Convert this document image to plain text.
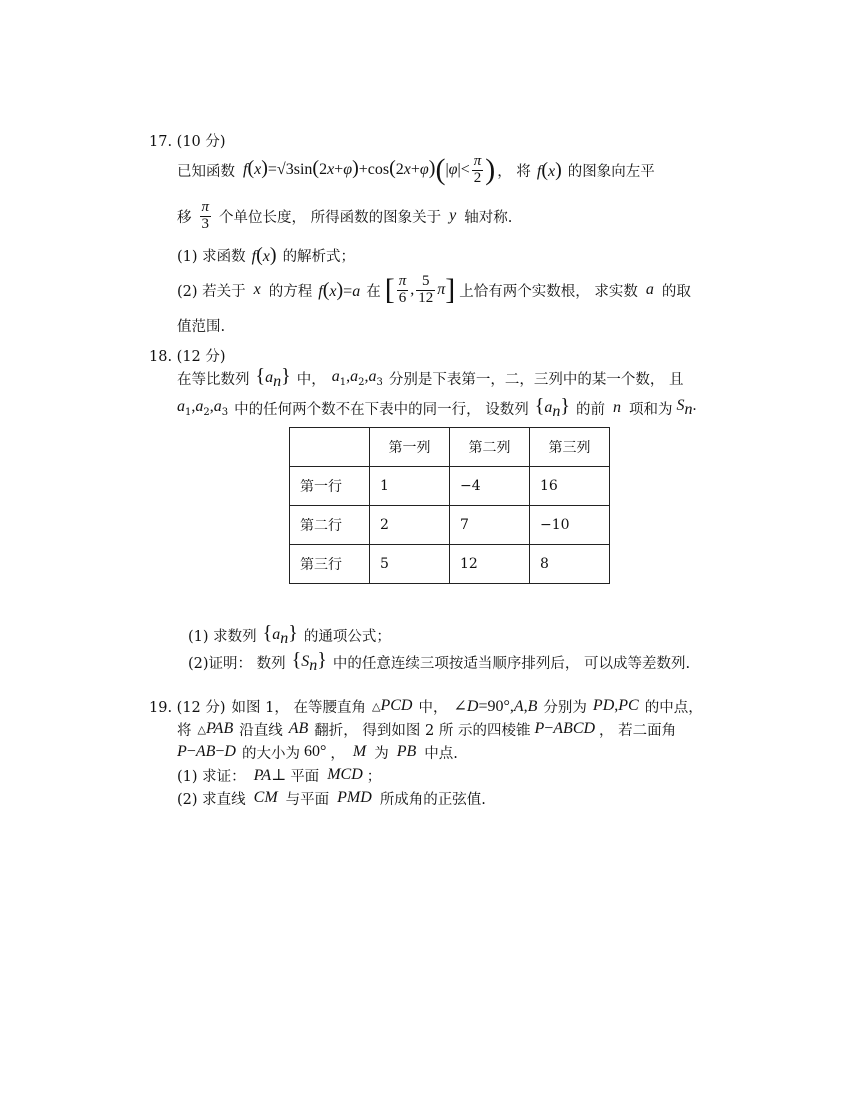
17. (10 分)
已知函数 $f(x)=√3\sin(2x+\varphi)+\cos(2x+\varphi)(|\varphi|< \frac{\pi}{2}$ ) ， 将 f(x) 的图象向左平
移 $\frac{\pi}{3}$ 个单位长度， 所得函数的图象关于 y 轴对称.
(1) 求函数 f(x) 的解析式；
(2) 若关于 x 的方程 f(x)=a 在 [ $\frac{\pi}{6}$ , $\frac{5}{12} \pi$] 上恰有两个实数根， 求实数 a 的取
值范围.
18. (12 分)
在等比数列 $\{a_n\}$ 中， $a_1,a_2,a_3$ 分别是下表第一，二，三列中的某一个数， 且
$a_1,a_2,a_3$ 中的任何两个数不在下表中的同一行， 设数列 $\{a_n\}$ 的前 n 项和为 $S_n$.
	第一列	第二列	第三列
第一行	1	−4	16
第二行	2	7	−10
第三行	5	12	8
(1) 求数列 $\{a_n\}$ 的通项公式；
(2)证明： 数列 $\{S_n\}$ 中的任意连续三项按适当顺序排列后， 可以成等差数列.
19. (12 分) 如图 1， 在等腰直角 △PCD 中， ∠D=90°,A,B 分别为 PD,PC 的中点，
将 △PAB 沿直线 AB 翻折， 得到如图 2 所 示的四棱锥 P−ABCD ， 若二面角
P−AB−D 的大小为 60° ， M 为 PB 中点.
(1) 求证： PA⊥ 平面 MCD ；
(2) 求直线 CM 与平面 PMD 所成角的正弦值.
